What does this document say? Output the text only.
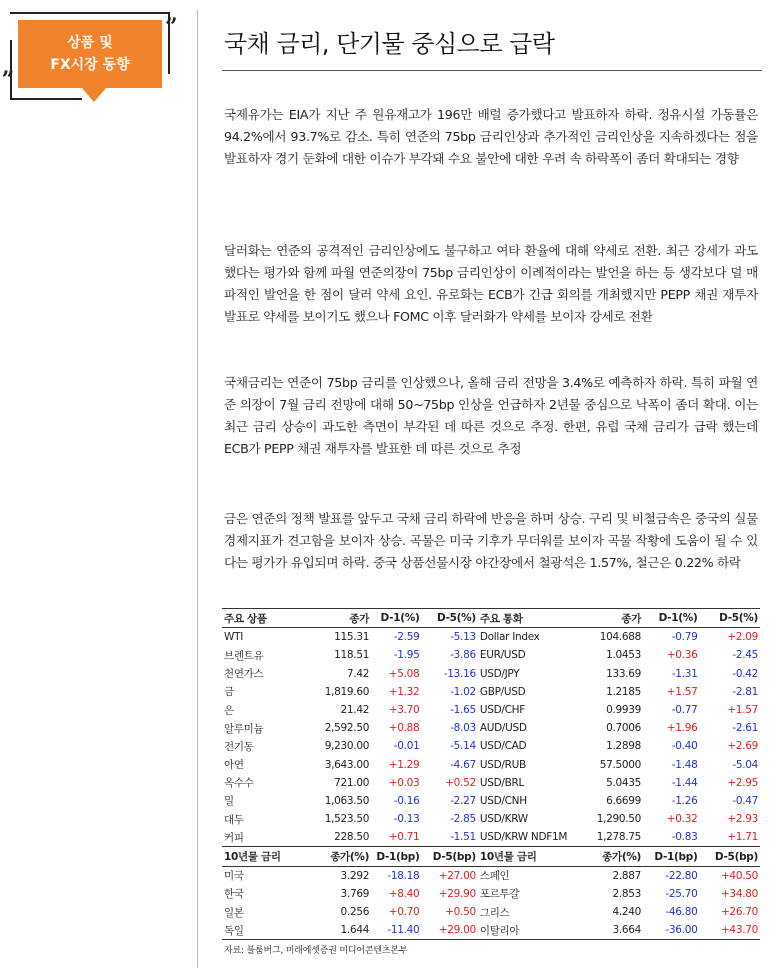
상품 및
FX시장 동향
”
„
국채 금리, 단기물 중심으로 급락
국제유가는 EIA가 지난 주 원유재고가 196만 배럴 증가했다고 발표하자 하락. 정유시설 가동률은 94.2%에서 93.7%로 감소. 특히 연준의 75bp 금리인상과 추가적인 금리인상을 지속하겠다는 점을 발표하자 경기 둔화에 대한 이슈가 부각돼 수요 불안에 대한 우려 속 하락폭이 좀더 확대되는 경향
달러화는 연준의 공격적인 금리인상에도 불구하고 여타 환율에 대해 약세로 전환. 최근 강세가 과도 했다는 평가와 함께 파월 연준의장이 75bp 금리인상이 이례적이라는 발언을 하는 등 생각보다 덜 매파적인 발언을 한 점이 달러 약세 요인. 유로화는 ECB가 긴급 회의를 개최했지만 PEPP 채권 재투자 발표로 약세를 보이기도 했으나 FOMC 이후 달러화가 약세를 보이자 강세로 전환
국채금리는 연준이 75bp 금리를 인상했으나, 올해 금리 전망을 3.4%로 예측하자 하락. 특히 파월 연준 의장이 7월 금리 전망에 대해 50~75bp 인상을 언급하자 2년물 중심으로 낙폭이 좀더 확대. 이는 최근 금리 상승이 과도한 측면이 부각된 데 따른 것으로 추정. 한편, 유럽 국채 금리가 급락 했는데 ECB가 PEPP 채권 재투자를 발표한 데 따른 것으로 추정
금은 연준의 정책 발표를 앞두고 국채 금리 하락에 반응을 하며 상승. 구리 및 비철금속은 중국의 실물 경제지표가 견고함을 보이자 상승. 곡물은 미국 기후가 무더워를 보이자 곡물 작황에 도움이 될 수 있다는 평가가 유입되며 하락. 중국 상품선물시장 야간장에서 철광석은 1.57%, 철근은 0.22% 하락
주요 상품	종가	D-1(%)	D-5(%)	주요 통화	종가	D-1(%)	D-5(%)
WTI	115.31	-2.59	-5.13	Dollar Index	104.688	-0.79	+2.09
브렌트유	118.51	-1.95	-3.86	EUR/USD	1.0453	+0.36	-2.45
천연가스	7.42	+5.08	-13.16	USD/JPY	133.69	-1.31	-0.42
금	1,819.60	+1.32	-1.02	GBP/USD	1.2185	+1.57	-2.81
은	21.42	+3.70	-1.65	USD/CHF	0.9939	-0.77	+1.57
알루미늄	2,592.50	+0.88	-8.03	AUD/USD	0.7006	+1.96	-2.61
전기동	9,230.00	-0.01	-5.14	USD/CAD	1.2898	-0.40	+2.69
아연	3,643.00	+1.29	-4.67	USD/RUB	57.5000	-1.48	-5.04
옥수수	721.00	+0.03	+0.52	USD/BRL	5.0435	-1.44	+2.95
밀	1,063.50	-0.16	-2.27	USD/CNH	6.6699	-1.26	-0.47
대두	1,523.50	-0.13	-2.85	USD/KRW	1,290.50	+0.32	+2.93
커피	228.50	+0.71	-1.51	USD/KRW NDF1M	1,278.75	-0.83	+1.71
10년물 금리	종가(%)	D-1(bp)	D-5(bp)	10년물 금리	종가(%)	D-1(bp)	D-5(bp)
미국	3.292	-18.18	+27.00	스페인	2.887	-22.80	+40.50
한국	3.769	+8.40	+29.90	포르투갈	2.853	-25.70	+34.80
일본	0.256	+0.70	+0.50	그리스	4.240	-46.80	+26.70
독일	1.644	-11.40	+29.00	이탈리아	3.664	-36.00	+43.70
자료: 블룸버그, 미래에셋증권 미디어콘텐츠본부
